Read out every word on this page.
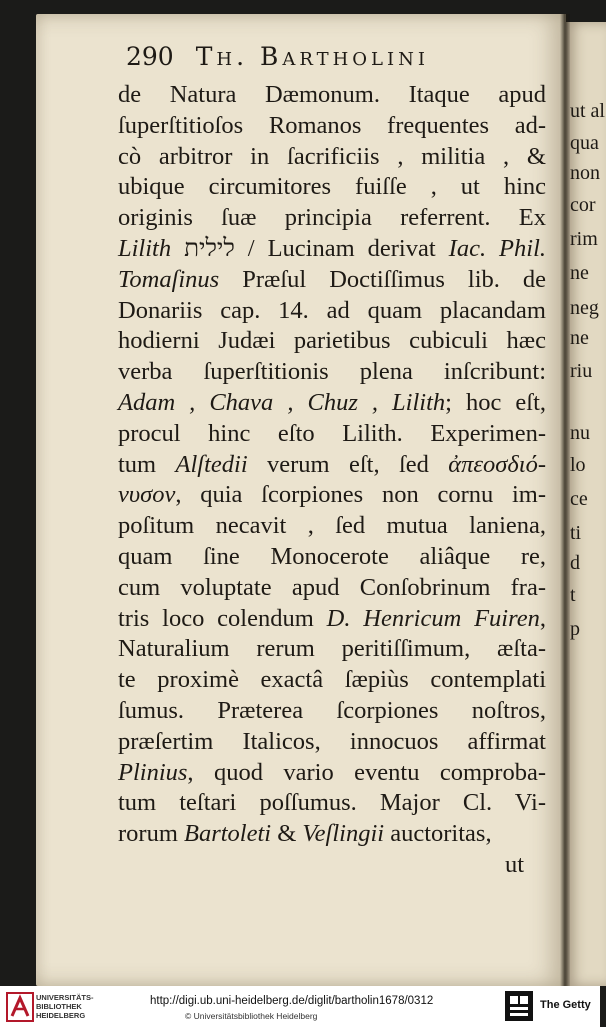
ut al
qua
non
cor
rim
ne
neg
ne
riu
nu
lo
ce
ti
d
t
p
290 Th. Bartholini
de Natura Dæmonum. Itaque apud
ſuperſtitioſos Romanos frequentes ad-
cò arbitror in ſacrificiis , militia , &
ubique circumitores fuiſſe , ut hinc
originis ſuæ principia referrent. Ex
Lilith לילית / Lucinam derivat Iac. Phil.
Tomaſinus Præſul Doctiſſimus lib. de
Donariis cap. 14. ad quam placandam
hodierni Judæi parietibus cubiculi hæc
verba ſuperſtitionis plena inſcribunt:
Adam , Chava , Chuz , Lilith; hoc eſt,
procul hinc eſto Lilith. Experimen-
tum Alſtedii verum eſt, ſed ἀπεοσδιό-
νυσον, quia ſcorpiones non cornu im-
poſitum necavit , ſed mutua laniena,
quam ſine Monocerote aliâque re,
cum voluptate apud Conſobrinum fra-
tris loco colendum D. Henricum Fuiren,
Naturalium rerum peritiſſimum, æſta-
te proximè exactâ ſæpiùs contemplati
ſumus. Præterea ſcorpiones noſtros,
præſertim Italicos, innocuos affirmat
Plinius, quod vario eventu comproba-
tum teſtari poſſumus. Major Cl. Vi-
rorum Bartoleti & Veſlingii auctoritas,
ut
UNIVERSITÄTS-
BIBLIOTHEK
HEIDELBERG
http://digi.ub.uni-heidelberg.de/diglit/bartholin1678/0312
© Universitätsbibliothek Heidelberg
The Getty
